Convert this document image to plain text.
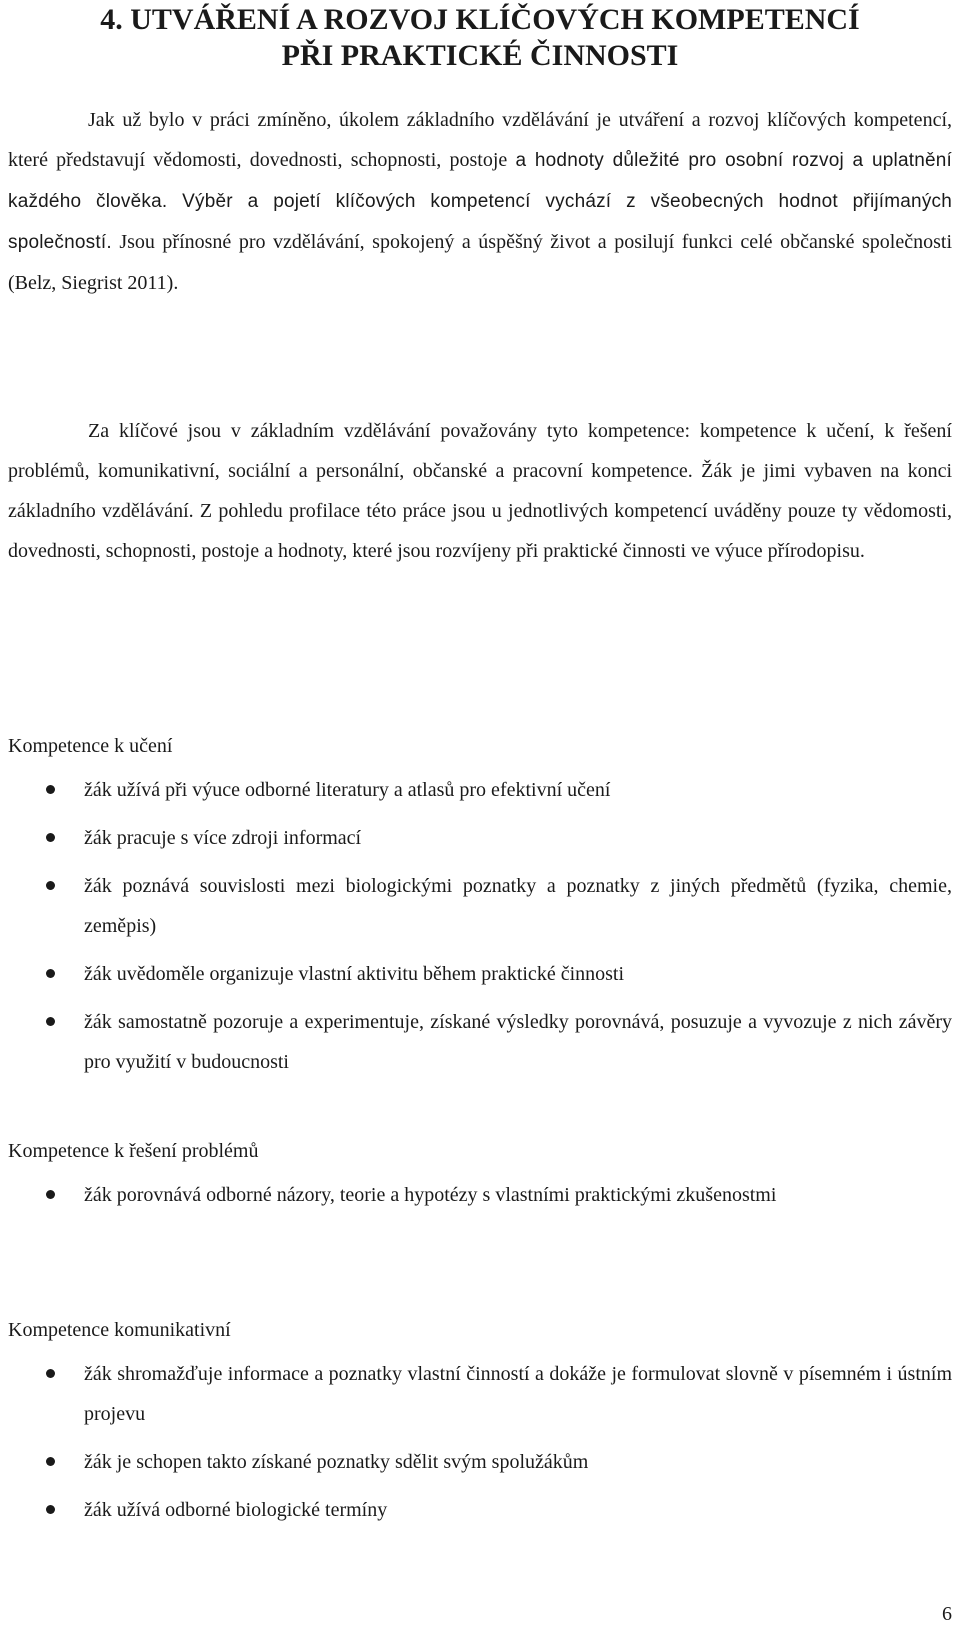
4. UTVÁŘENÍ A ROZVOJ KLÍČOVÝCH KOMPETENCÍ
PŘI PRAKTICKÉ ČINNOSTI

Jak už bylo v práci zmíněno, úkolem základního vzdělávání je utváření a rozvoj klíčových kompetencí, které představují vědomosti, dovednosti, schopnosti, postoje a hodnoty důležité pro osobní rozvoj a uplatnění každého člověka. Výběr a pojetí klíčových kompetencí vychází z všeobecných hodnot přijímaných společností. Jsou přínosné pro vzdělávání, spokojený a úspěšný život a posilují funkci celé občanské společnosti (Belz, Siegrist 2011).

Za klíčové jsou v základním vzdělávání považovány tyto kompetence: kompetence k učení, k řešení problémů, komunikativní, sociální a personální, občanské a pracovní kompetence. Žák je jimi vybaven na konci základního vzdělávání. Z pohledu profilace této práce jsou u jednotlivých kompetencí uváděny pouze ty vědomosti, dovednosti, schopnosti, postoje a hodnoty, které jsou rozvíjeny při praktické činnosti ve výuce přírodopisu.

Kompetence k učení

žák užívá při výuce odborné literatury a atlasů pro efektivní učení
žák pracuje s více zdroji informací
žák poznává souvislosti mezi biologickými poznatky a poznatky z jiných předmětů (fyzika, chemie, zeměpis)
žák uvědoměle organizuje vlastní aktivitu během praktické činnosti
žák samostatně pozoruje a experimentuje, získané výsledky porovnává, posuzuje a vyvozuje z nich závěry pro využití v budoucnosti

Kompetence k řešení problémů

žák porovnává odborné názory, teorie a hypotézy s vlastními praktickými zkušenostmi

Kompetence komunikativní

žák shromažďuje informace a poznatky vlastní činností a dokáže je formulovat slovně v písemném i ústním projevu
žák je schopen takto získané poznatky sdělit svým spolužákům
žák užívá odborné biologické termíny

6
